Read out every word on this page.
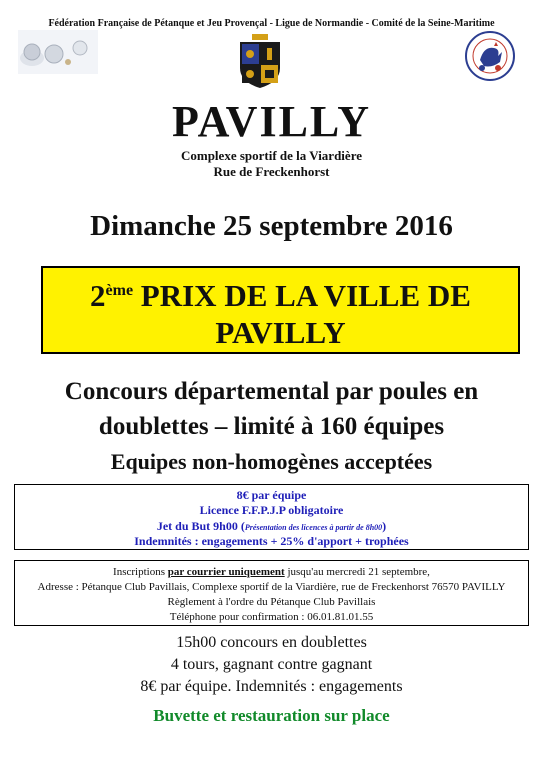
Fédération Française de Pétanque et Jeu Provençal - Ligue de Normandie - Comité de la Seine-Maritime
PAVILLY
Complexe sportif de la Viardière
Rue de Freckenhorst
Dimanche 25 septembre 2016
2ème PRIX DE LA VILLE DE
PAVILLY
Concours départemental par poules en
doublettes – limité à 160 équipes
Equipes non-homogènes acceptées
8€ par équipe
Licence F.F.P.J.P obligatoire
Jet du But 9h00 (Présentation des licences à partir de 8h00)
Indemnités : engagements + 25% d'apport + trophées
Inscriptions par courrier uniquement jusqu'au mercredi 21 septembre,
Adresse : Pétanque Club Pavillais, Complexe sportif de la Viardière, rue de Freckenhorst 76570 PAVILLY
Règlement à l'ordre du Pétanque Club Pavillais
Téléphone pour confirmation : 06.01.81.01.55
15h00 concours en doublettes
4 tours, gagnant contre gagnant
8€ par équipe. Indemnités : engagements
Buvette et restauration sur place
